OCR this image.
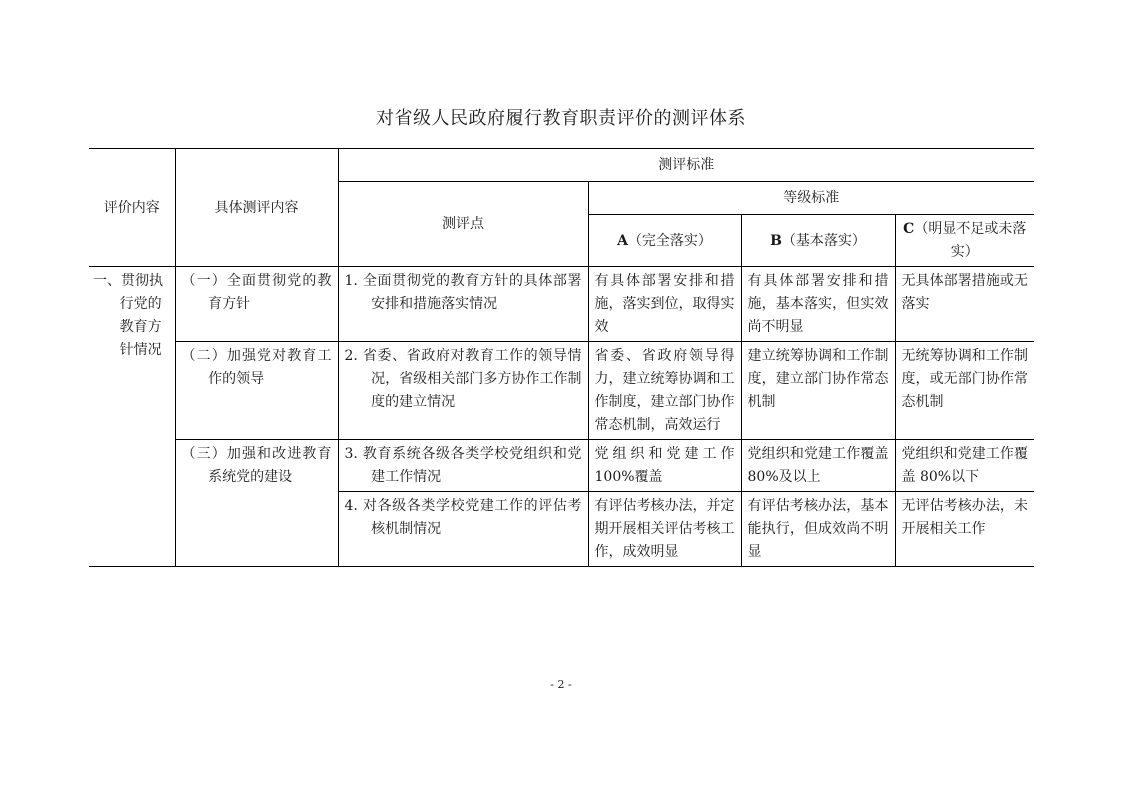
对省级人民政府履行教育职责评价的测评体系
评价内容	具体测评内容	测评标准			
		测评点	等级标准		
			A（完全落实）	B（基本落实）	C（明显不足或未落实）

一、贯彻执行党的教育方针情况	（一）全面贯彻党的教育方针	1. 全面贯彻党的教育方针的具体部署安排和措施落实情况	有具体部署安排和措施，落实到位，取得实效	有具体部署安排和措施，基本落实，但实效尚不明显	无具体部署措施或无落实

	（二）加强党对教育工作的领导	2. 省委、省政府对教育工作的领导情况，省级相关部门多方协作工作制度的建立情况	省委、省政府领导得力，建立统筹协调和工作制度，建立部门协作常态机制，高效运行	建立统筹协调和工作制度，建立部门协作常态机制	无统筹协调和工作制度，或无部门协作常态机制

	（三）加强和改进教育系统党的建设	3. 教育系统各级各类学校党组织和党建工作情况	党组织和党建工作100%覆盖	党组织和党建工作覆盖 80%及以上	党组织和党建工作覆盖 80%以下

		4. 对各级各类学校党建工作的评估考核机制情况	有评估考核办法，并定期开展相关评估考核工作，成效明显	有评估考核办法，基本能执行，但成效尚不明显	无评估考核办法，未开展相关工作
- 2 -
